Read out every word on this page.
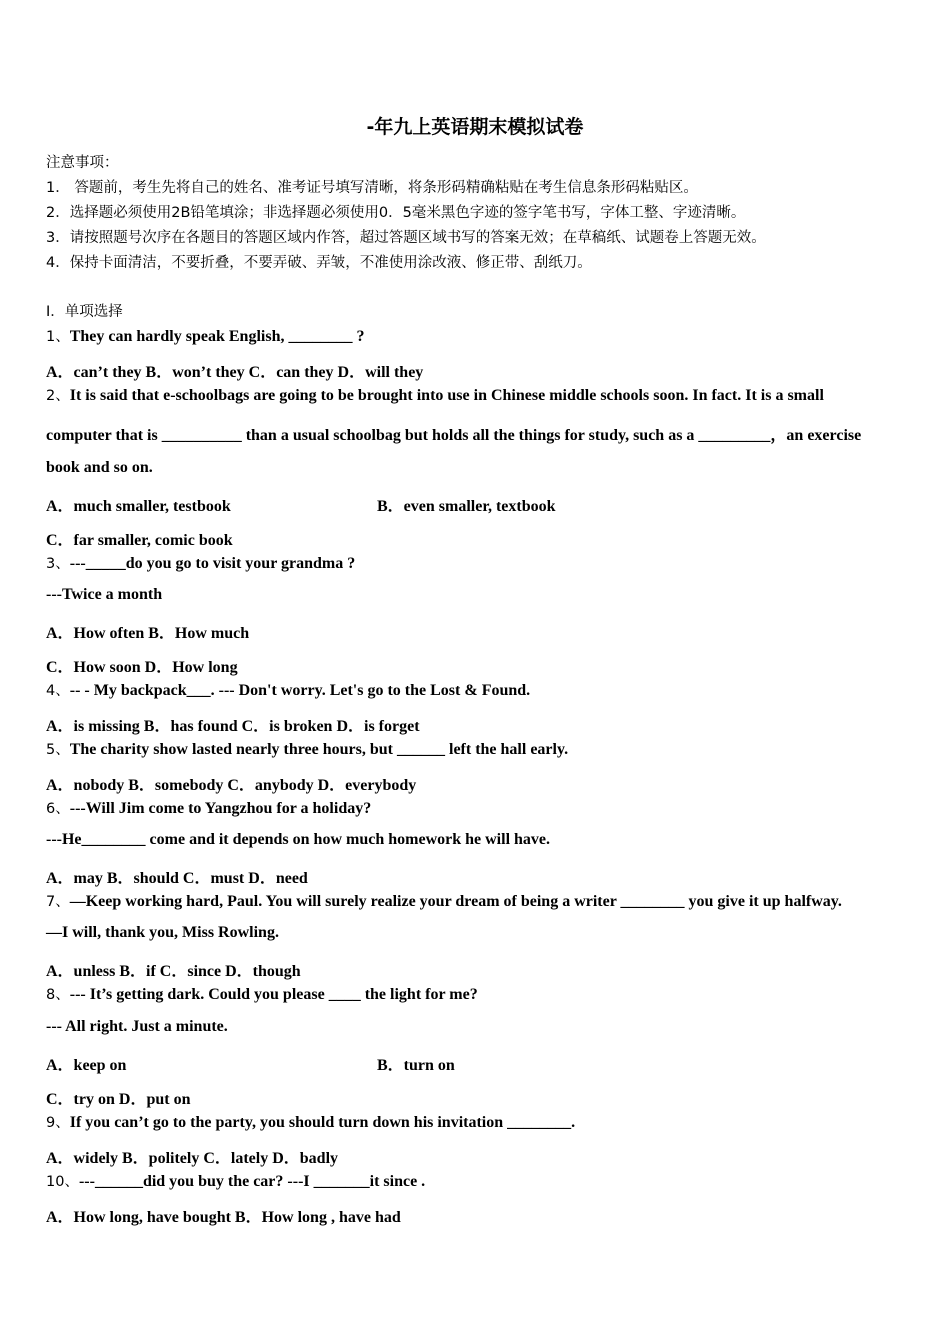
-年九上英语期末模拟试卷
注意事项：
1． 答题前，考生先将自己的姓名、准考证号填写清晰，将条形码精确粘贴在考生信息条形码粘贴区。
2．选择题必须使用2B铅笔填涂；非选择题必须使用0．5毫米黑色字迹的签字笔书写，字体工整、字迹清晰。
3．请按照题号次序在各题目的答题区域内作答，超过答题区域书写的答案无效；在草稿纸、试题卷上答题无效。
4．保持卡面清洁，不要折叠，不要弄破、弄皱，不准使用涂改液、修正带、刮纸刀。
Ⅰ．单项选择
1、They can hardly speak English, ________ ?
A．can’t they B．won’t they C．can they D．will they
2、It is said that e-schoolbags are going to be brought into use in Chinese middle schools soon. In fact. It is a small
computer that is __________ than a usual schoolbag but holds all the things for study, such as a _________，an exercise
book and so on.
A．much smaller, testbook	B．even smaller, textbook
C．far smaller, comic book
3、---_____do you go to visit your grandma ?
---Twice a month
A．How often B．How much
C．How soon D．How long
4、-- - My backpack___. --- Don't worry. Let's go to the Lost & Found.
A．is missing B．has found C．is broken D．is forget
5、The charity show lasted nearly three hours, but ______ left the hall early.
A．nobody B．somebody C．anybody D．everybody
6、---Will Jim come to Yangzhou for a holiday?
---He________ come and it depends on how much homework he will have.
A．may B．should C．must D．need
7、—Keep working hard, Paul. You will surely realize your dream of being a writer ________ you give it up halfway.
—I will, thank you, Miss Rowling.
A．unless B．if C．since D．though
8、--- It’s getting dark. Could you please ____ the light for me?
--- All right. Just a minute.
A．keep on	B．turn on
C．try on D．put on
9、If you can’t go to the party, you should turn down his invitation ________.
A．widely B．politely C．lately D．badly
10、---______did you buy the car? ---I _______it since .
A．How long, have bought B．How long , have had
